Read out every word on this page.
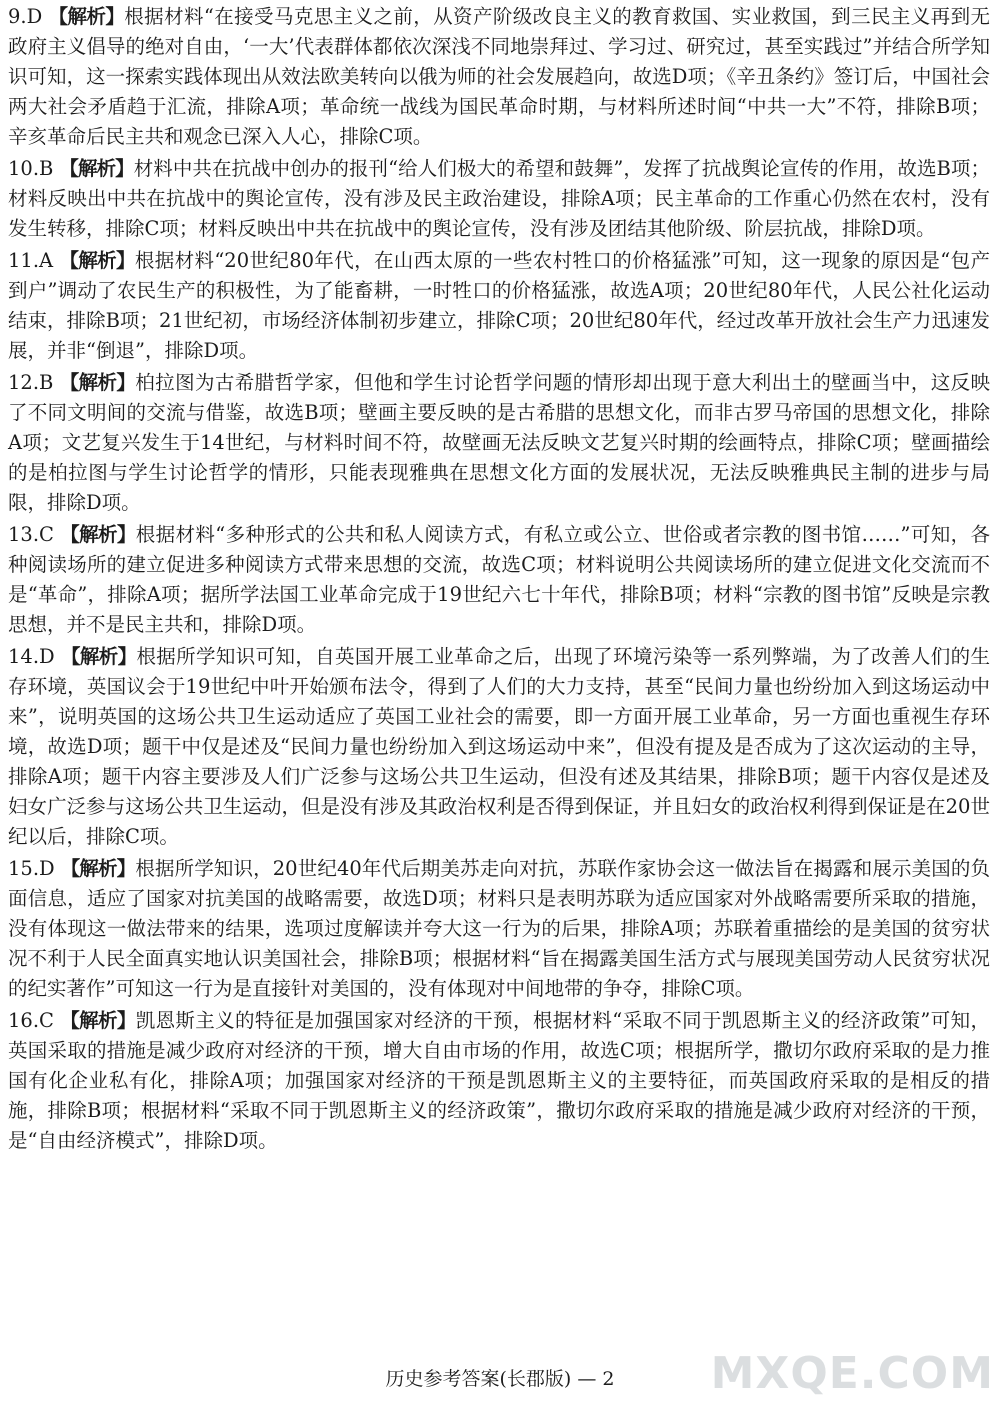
9.D 【解析】根据材料“在接受马克思主义之前，从资产阶级改良主义的教育救国、实业救国，到三民主义再到无政府主义倡导的绝对自由，‘一大’代表群体都依次深浅不同地崇拜过、学习过、研究过，甚至实践过”并结合所学知识可知，这一探索实践体现出从效法欧美转向以俄为师的社会发展趋向，故选D项；《辛丑条约》签订后，中国社会两大社会矛盾趋于汇流，排除A项；革命统一战线为国民革命时期，与材料所述时间“中共一大”不符，排除B项；辛亥革命后民主共和观念已深入人心，排除C项。
10.B 【解析】材料中共在抗战中创办的报刊“给人们极大的希望和鼓舞”，发挥了抗战舆论宣传的作用，故选B项；材料反映出中共在抗战中的舆论宣传，没有涉及民主政治建设，排除A项；民主革命的工作重心仍然在农村，没有发生转移，排除C项；材料反映出中共在抗战中的舆论宣传，没有涉及团结其他阶级、阶层抗战，排除D项。
11.A 【解析】根据材料“20世纪80年代，在山西太原的一些农村牲口的价格猛涨”可知，这一现象的原因是“包产到户”调动了农民生产的积极性，为了能畜耕，一时牲口的价格猛涨，故选A项；20世纪80年代，人民公社化运动结束，排除B项；21世纪初，市场经济体制初步建立，排除C项；20世纪80年代，经过改革开放社会生产力迅速发展，并非“倒退”，排除D项。
12.B 【解析】柏拉图为古希腊哲学家，但他和学生讨论哲学问题的情形却出现于意大利出土的壁画当中，这反映了不同文明间的交流与借鉴，故选B项；壁画主要反映的是古希腊的思想文化，而非古罗马帝国的思想文化，排除A项；文艺复兴发生于14世纪，与材料时间不符，故壁画无法反映文艺复兴时期的绘画特点，排除C项；壁画描绘的是柏拉图与学生讨论哲学的情形，只能表现雅典在思想文化方面的发展状况，无法反映雅典民主制的进步与局限，排除D项。
13.C 【解析】根据材料“多种形式的公共和私人阅读方式，有私立或公立、世俗或者宗教的图书馆……”可知，各种阅读场所的建立促进多种阅读方式带来思想的交流，故选C项；材料说明公共阅读场所的建立促进文化交流而不是“革命”，排除A项；据所学法国工业革命完成于19世纪六七十年代，排除B项；材料“宗教的图书馆”反映是宗教思想，并不是民主共和，排除D项。
14.D 【解析】根据所学知识可知，自英国开展工业革命之后，出现了环境污染等一系列弊端，为了改善人们的生存环境，英国议会于19世纪中叶开始颁布法令，得到了人们的大力支持，甚至“民间力量也纷纷加入到这场运动中来”，说明英国的这场公共卫生运动适应了英国工业社会的需要，即一方面开展工业革命，另一方面也重视生存环境，故选D项；题干中仅是述及“民间力量也纷纷加入到这场运动中来”，但没有提及是否成为了这次运动的主导，排除A项；题干内容主要涉及人们广泛参与这场公共卫生运动，但没有述及其结果，排除B项；题干内容仅是述及妇女广泛参与这场公共卫生运动，但是没有涉及其政治权利是否得到保证，并且妇女的政治权利得到保证是在20世纪以后，排除C项。
15.D 【解析】根据所学知识，20世纪40年代后期美苏走向对抗，苏联作家协会这一做法旨在揭露和展示美国的负面信息，适应了国家对抗美国的战略需要，故选D项；材料只是表明苏联为适应国家对外战略需要所采取的措施，没有体现这一做法带来的结果，选项过度解读并夸大这一行为的后果，排除A项；苏联着重描绘的是美国的贫穷状况不利于人民全面真实地认识美国社会，排除B项；根据材料“旨在揭露美国生活方式与展现美国劳动人民贫穷状况的纪实著作”可知这一行为是直接针对美国的，没有体现对中间地带的争夺，排除C项。
16.C 【解析】凯恩斯主义的特征是加强国家对经济的干预，根据材料“采取不同于凯恩斯主义的经济政策”可知，英国采取的措施是减少政府对经济的干预，增大自由市场的作用，故选C项；根据所学，撒切尔政府采取的是力推国有化企业私有化，排除A项；加强国家对经济的干预是凯恩斯主义的主要特征，而英国政府采取的是相反的措施，排除B项；根据材料“采取不同于凯恩斯主义的经济政策”，撒切尔政府采取的措施是减少政府对经济的干预，是“自由经济模式”，排除D项。
历史参考答案(长郡版) — 2	MXQE.COM
